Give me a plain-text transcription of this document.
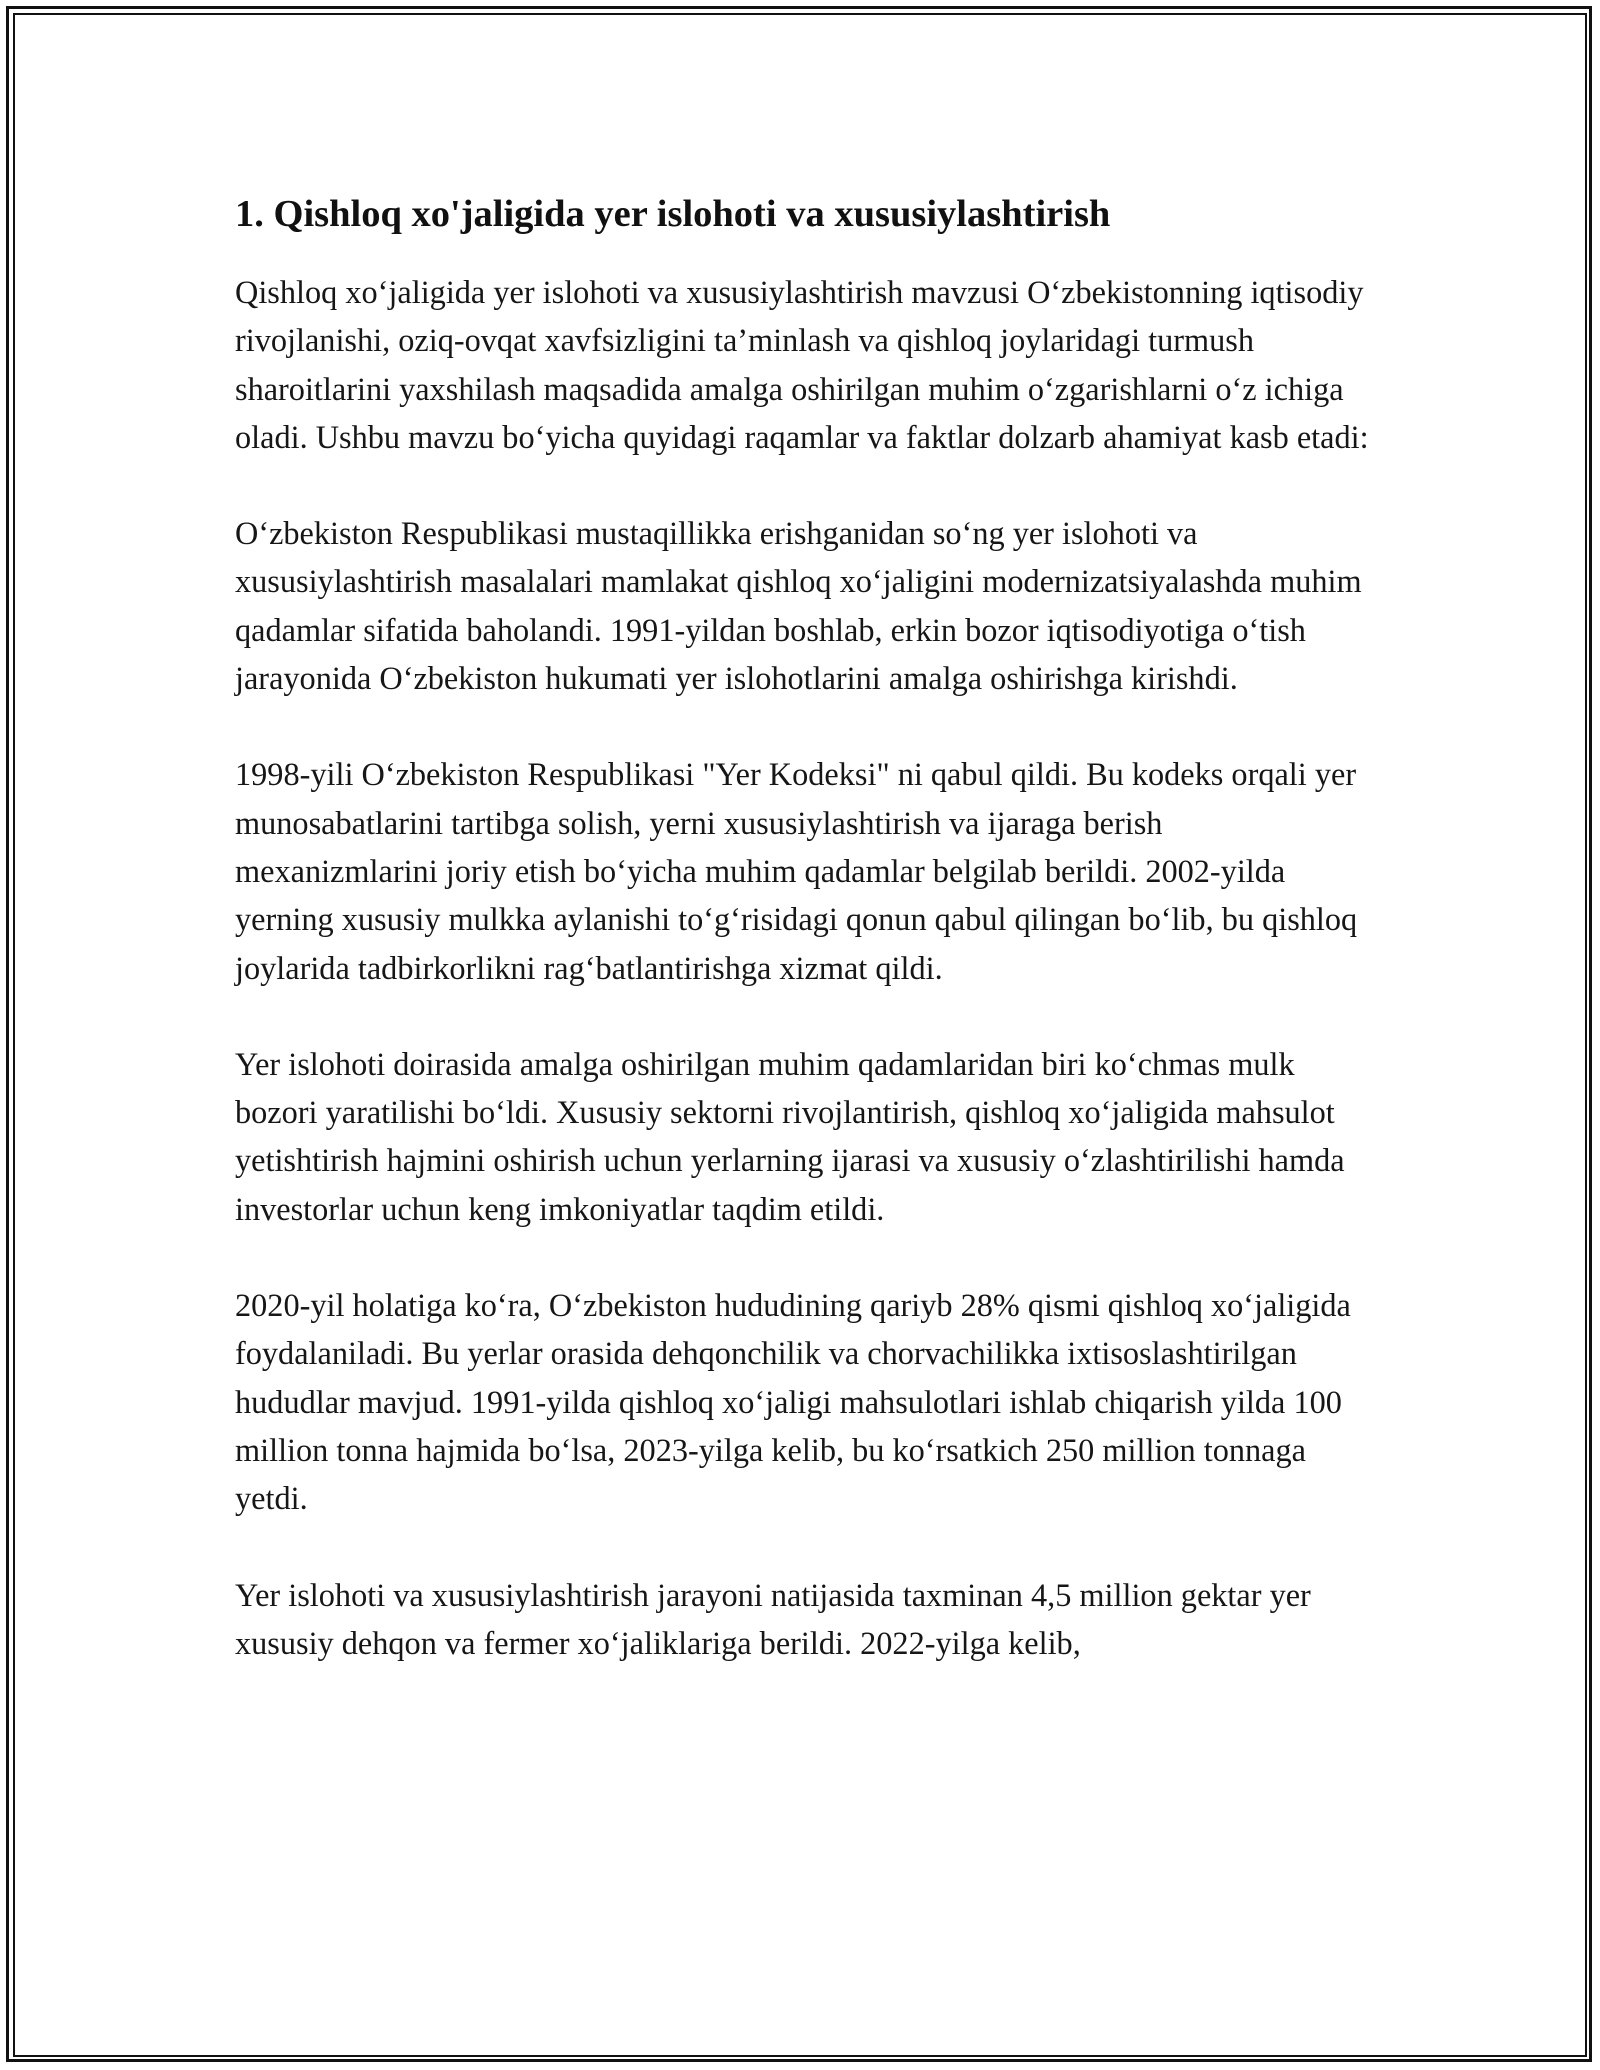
1. Qishloq xo'jaligida yer islohoti va xususiylashtirish

Qishloq xo‘jaligida yer islohoti va xususiylashtirish mavzusi O‘zbekistonning iqtisodiy rivojlanishi, oziq-ovqat xavfsizligini ta’minlash va qishloq joylaridagi turmush sharoitlarini yaxshilash maqsadida amalga oshirilgan muhim o‘zgarishlarni o‘z ichiga oladi. Ushbu mavzu bo‘yicha quyidagi raqamlar va faktlar dolzarb ahamiyat kasb etadi:

O‘zbekiston Respublikasi mustaqillikka erishganidan so‘ng yer islohoti va xususiylashtirish masalalari mamlakat qishloq xo‘jaligini modernizatsiyalashda muhim qadamlar sifatida baholandi. 1991-yildan boshlab, erkin bozor iqtisodiyotiga o‘tish jarayonida O‘zbekiston hukumati yer islohotlarini amalga oshirishga kirishdi.

1998-yili O‘zbekiston Respublikasi "Yer Kodeksi" ni qabul qildi. Bu kodeks orqali yer munosabatlarini tartibga solish, yerni xususiylashtirish va ijaraga berish mexanizmlarini joriy etish bo‘yicha muhim qadamlar belgilab berildi. 2002-yilda yerning xususiy mulkka aylanishi to‘g‘risidagi qonun qabul qilingan bo‘lib, bu qishloq joylarida tadbirkorlikni rag‘batlantirishga xizmat qildi.

Yer islohoti doirasida amalga oshirilgan muhim qadamlaridan biri ko‘chmas mulk bozori yaratilishi bo‘ldi. Xususiy sektorni rivojlantirish, qishloq xo‘jaligida mahsulot yetishtirish hajmini oshirish uchun yerlarning ijarasi va xususiy o‘zlashtirilishi hamda investorlar uchun keng imkoniyatlar taqdim etildi.

2020-yil holatiga ko‘ra, O‘zbekiston hududining qariyb 28% qismi qishloq xo‘jaligida foydalaniladi. Bu yerlar orasida dehqonchilik va chorvachilikka ixtisoslashtirilgan hududlar mavjud. 1991-yilda qishloq xo‘jaligi mahsulotlari ishlab chiqarish yilda 100 million tonna hajmida bo‘lsa, 2023-yilga kelib, bu ko‘rsatkich 250 million tonnaga yetdi.

Yer islohoti va xususiylashtirish jarayoni natijasida taxminan 4,5 million gektar yer xususiy dehqon va fermer xo‘jaliklariga berildi. 2022-yilga kelib,
